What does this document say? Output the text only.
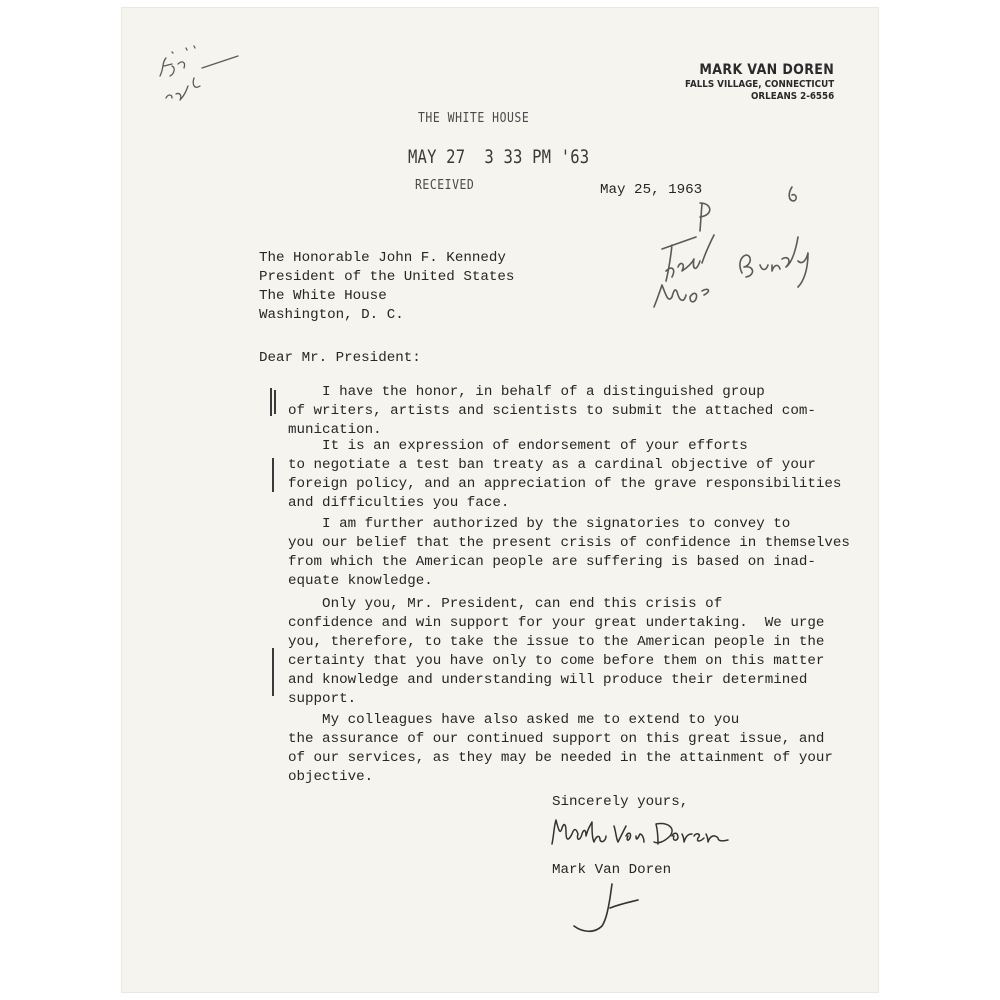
MARK VAN DOREN
FALLS VILLAGE, CONNECTICUT
ORLEANS 2-6556
THE WHITE HOUSE
MAY 27  3 33 PM '63
RECEIVED	May 25, 1963
The Honorable John F. Kennedy
President of the United States
The White House
Washington, D. C.
Dear Mr. President:
I have the honor, in behalf of a distinguished group
of writers, artists and scientists to submit the attached com-
munication.
It is an expression of endorsement of your efforts
to negotiate a test ban treaty as a cardinal objective of your
foreign policy, and an appreciation of the grave responsibilities
and difficulties you face.
I am further authorized by the signatories to convey to
you our belief that the present crisis of confidence in themselves
from which the American people are suffering is based on inad-
equate knowledge.
Only you, Mr. President, can end this crisis of
confidence and win support for your great undertaking.  We urge
you, therefore, to take the issue to the American people in the
certainty that you have only to come before them on this matter
and knowledge and understanding will produce their determined
support.
My colleagues have also asked me to extend to you
the assurance of our continued support on this great issue, and
of our services, as they may be needed in the attainment of your
objective.
Sincerely yours,
Mark Van Doren
